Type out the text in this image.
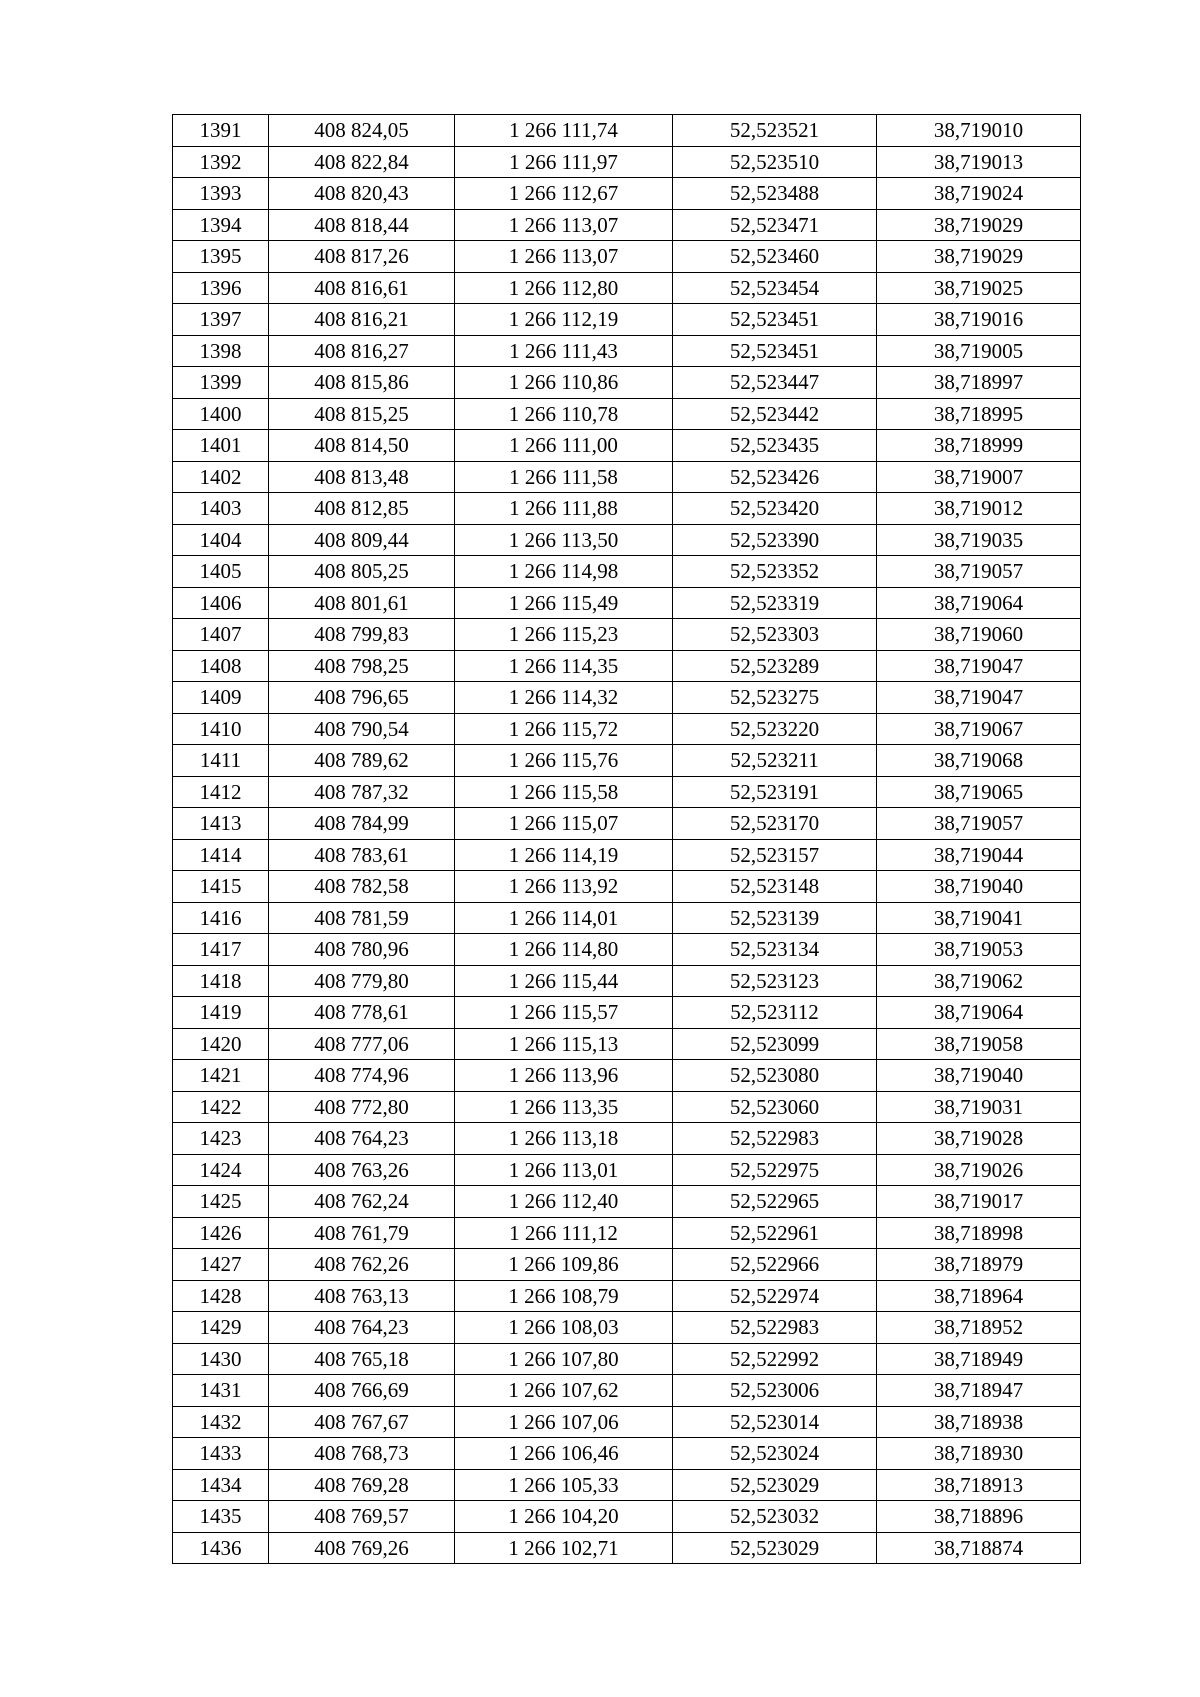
1391	408 824,05	1 266 111,74	52,523521	38,719010
1392	408 822,84	1 266 111,97	52,523510	38,719013
1393	408 820,43	1 266 112,67	52,523488	38,719024
1394	408 818,44	1 266 113,07	52,523471	38,719029
1395	408 817,26	1 266 113,07	52,523460	38,719029
1396	408 816,61	1 266 112,80	52,523454	38,719025
1397	408 816,21	1 266 112,19	52,523451	38,719016
1398	408 816,27	1 266 111,43	52,523451	38,719005
1399	408 815,86	1 266 110,86	52,523447	38,718997
1400	408 815,25	1 266 110,78	52,523442	38,718995
1401	408 814,50	1 266 111,00	52,523435	38,718999
1402	408 813,48	1 266 111,58	52,523426	38,719007
1403	408 812,85	1 266 111,88	52,523420	38,719012
1404	408 809,44	1 266 113,50	52,523390	38,719035
1405	408 805,25	1 266 114,98	52,523352	38,719057
1406	408 801,61	1 266 115,49	52,523319	38,719064
1407	408 799,83	1 266 115,23	52,523303	38,719060
1408	408 798,25	1 266 114,35	52,523289	38,719047
1409	408 796,65	1 266 114,32	52,523275	38,719047
1410	408 790,54	1 266 115,72	52,523220	38,719067
1411	408 789,62	1 266 115,76	52,523211	38,719068
1412	408 787,32	1 266 115,58	52,523191	38,719065
1413	408 784,99	1 266 115,07	52,523170	38,719057
1414	408 783,61	1 266 114,19	52,523157	38,719044
1415	408 782,58	1 266 113,92	52,523148	38,719040
1416	408 781,59	1 266 114,01	52,523139	38,719041
1417	408 780,96	1 266 114,80	52,523134	38,719053
1418	408 779,80	1 266 115,44	52,523123	38,719062
1419	408 778,61	1 266 115,57	52,523112	38,719064
1420	408 777,06	1 266 115,13	52,523099	38,719058
1421	408 774,96	1 266 113,96	52,523080	38,719040
1422	408 772,80	1 266 113,35	52,523060	38,719031
1423	408 764,23	1 266 113,18	52,522983	38,719028
1424	408 763,26	1 266 113,01	52,522975	38,719026
1425	408 762,24	1 266 112,40	52,522965	38,719017
1426	408 761,79	1 266 111,12	52,522961	38,718998
1427	408 762,26	1 266 109,86	52,522966	38,718979
1428	408 763,13	1 266 108,79	52,522974	38,718964
1429	408 764,23	1 266 108,03	52,522983	38,718952
1430	408 765,18	1 266 107,80	52,522992	38,718949
1431	408 766,69	1 266 107,62	52,523006	38,718947
1432	408 767,67	1 266 107,06	52,523014	38,718938
1433	408 768,73	1 266 106,46	52,523024	38,718930
1434	408 769,28	1 266 105,33	52,523029	38,718913
1435	408 769,57	1 266 104,20	52,523032	38,718896
1436	408 769,26	1 266 102,71	52,523029	38,718874
